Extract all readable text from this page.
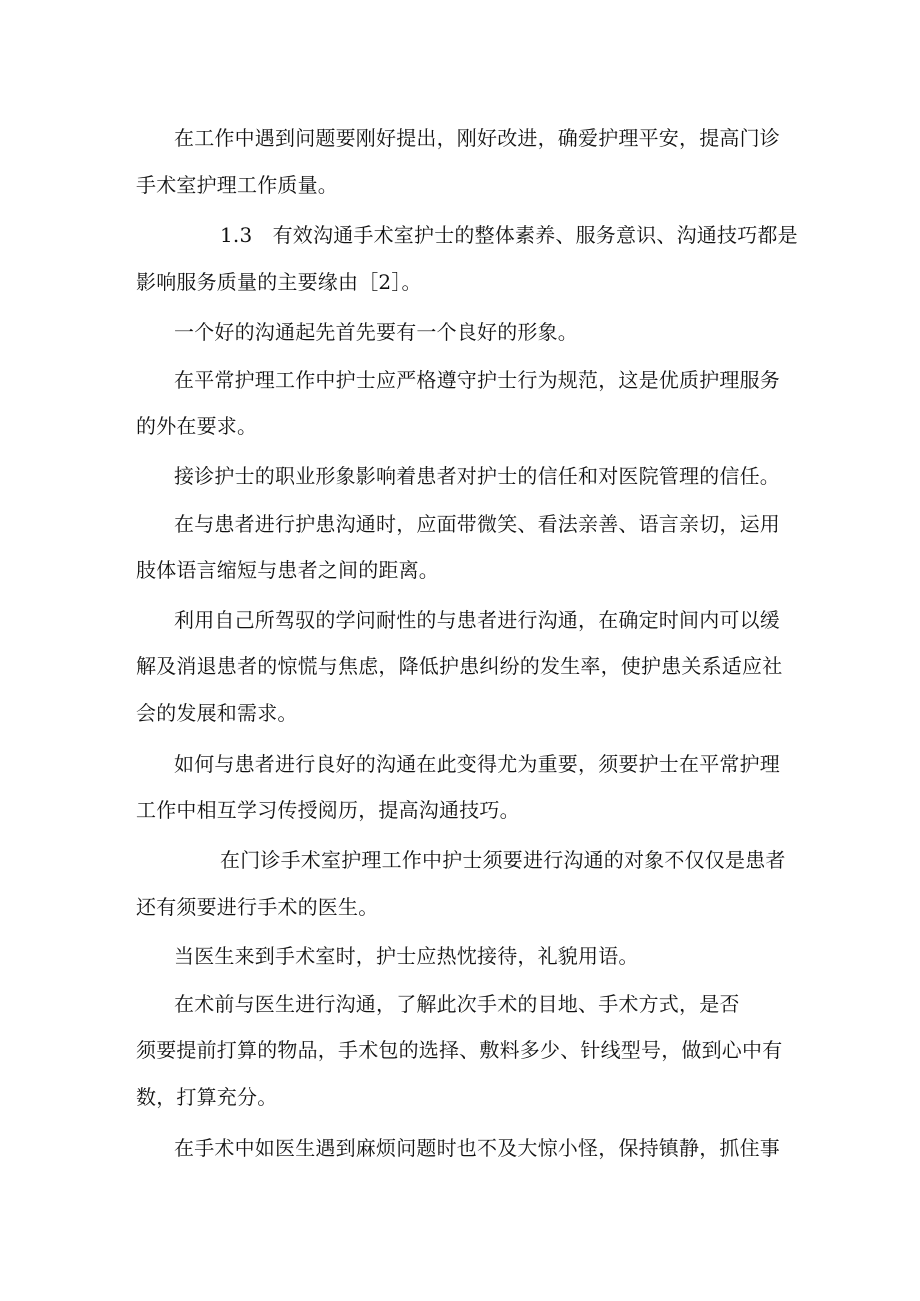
在工作中遇到问题要刚好提出，刚好改进，确爱护理平安，提高门诊
手术室护理工作质量。
1.3　有效沟通手术室护士的整体素养、服务意识、沟通技巧都是
影响服务质量的主要缘由［2］。
一个好的沟通起先首先要有一个良好的形象。
在平常护理工作中护士应严格遵守护士行为规范，这是优质护理服务
的外在要求。
接诊护士的职业形象影响着患者对护士的信任和对医院管理的信任。
在与患者进行护患沟通时，应面带微笑、看法亲善、语言亲切，运用
肢体语言缩短与患者之间的距离。
利用自己所驾驭的学问耐性的与患者进行沟通，在确定时间内可以缓
解及消退患者的惊慌与焦虑，降低护患纠纷的发生率，使护患关系适应社
会的发展和需求。
如何与患者进行良好的沟通在此变得尤为重要，须要护士在平常护理
工作中相互学习传授阅历，提高沟通技巧。
在门诊手术室护理工作中护士须要进行沟通的对象不仅仅是患者
还有须要进行手术的医生。
当医生来到手术室时，护士应热忱接待，礼貌用语。
在术前与医生进行沟通，了解此次手术的目地、手术方式，是否
须要提前打算的物品，手术包的选择、敷料多少、针线型号，做到心中有
数，打算充分。
在手术中如医生遇到麻烦问题时也不及大惊小怪，保持镇静，抓住事
